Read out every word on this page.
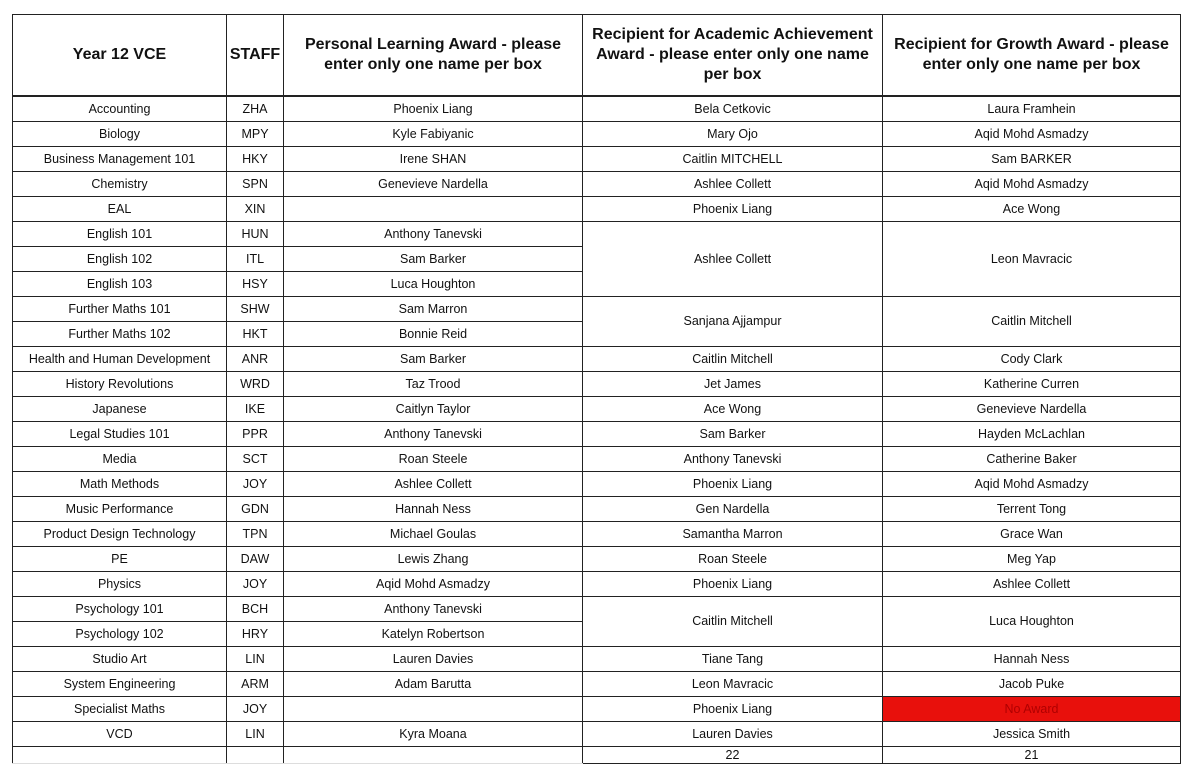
Year 12 VCE	STAFF	Personal Learning Award - please enter only one name per box	Recipient for Academic Achievement Award - please enter only one name per box	Recipient for Growth Award - please enter only one name per box
Accounting	ZHA	Phoenix Liang	Bela Cetkovic	Laura Framhein
Biology	MPY	Kyle Fabiyanic	Mary Ojo	Aqid Mohd Asmadzy
Business Management 101	HKY	Irene SHAN	Caitlin MITCHELL	Sam BARKER
Chemistry	SPN	Genevieve Nardella	Ashlee Collett	Aqid Mohd Asmadzy
EAL	XIN		Phoenix Liang	Ace Wong
English 101	HUN	Anthony Tanevski	Ashlee Collett	Leon Mavracic
English 102	ITL	Sam Barker		
English 103	HSY	Luca Houghton		
Further Maths 101	SHW	Sam Marron	Sanjana Ajjampur	Caitlin Mitchell
Further Maths 102	HKT	Bonnie Reid		
Health and Human Development	ANR	Sam Barker	Caitlin Mitchell	Cody Clark
History Revolutions	WRD	Taz Trood	Jet James	Katherine Curren
Japanese	IKE	Caitlyn Taylor	Ace Wong	Genevieve Nardella
Legal Studies 101	PPR	Anthony Tanevski	Sam Barker	Hayden McLachlan
Media	SCT	Roan Steele	Anthony Tanevski	Catherine Baker
Math Methods	JOY	Ashlee Collett	Phoenix Liang	Aqid Mohd Asmadzy
Music Performance	GDN	Hannah Ness	Gen Nardella	Terrent Tong
Product Design Technology	TPN	Michael Goulas	Samantha Marron	Grace Wan
PE	DAW	Lewis Zhang	Roan Steele	Meg Yap
Physics	JOY	Aqid Mohd Asmadzy	Phoenix Liang	Ashlee Collett
Psychology 101	BCH	Anthony Tanevski	Caitlin Mitchell	Luca Houghton
Psychology 102	HRY	Katelyn Robertson		
Studio Art	LIN	Lauren Davies	Tiane Tang	Hannah Ness
System Engineering	ARM	Adam Barutta	Leon Mavracic	Jacob Puke
Specialist Maths	JOY		Phoenix Liang	No Award
VCD	LIN	Kyra Moana	Lauren Davies	Jessica Smith
			22	21
